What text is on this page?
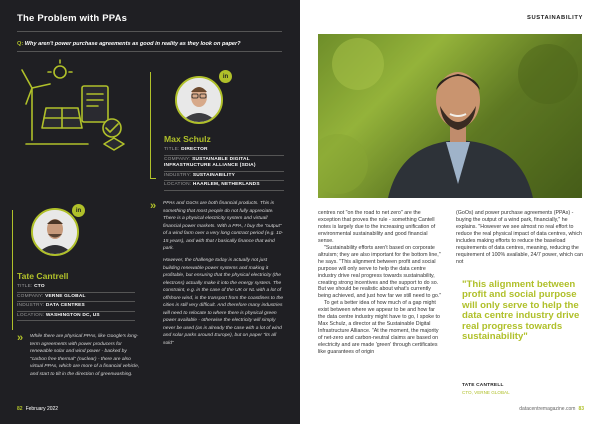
The Problem with PPAs
Q: Why aren't power purchase agreements as good in reality as they look on paper?
in
Max Schulz
TITLE: DIRECTOR
COMPANY: SUSTAINABLE DIGITAL INFRASTRUCTURE ALLIANCE (SDIA)
INDUSTRY: SUSTAINABILITY
LOCATION: HAARLEM, NETHERLANDS
» PPAs and GoOs are both financial products. This is something that most people do not fully appreciate. There is a physical electricity system and virtual/ financial power markets. With a PPA, I buy the "output" of a wind farm over a very long contract period (e.g. 10-15 years), and with that I basically finance that wind park.

However, the challenge today is actually not just building renewable power systems and making it profitable, but ensuring that the physical electricity (the electrons) actually make it into the energy system. The constraint, e.g. in the case of the UK or NL with a lot of offshore wind, is the transport from the coastlines to the cities is still very difficult. And therefore many industries will need to relocate to where there is physical green power available - otherwise the electricity will simply never be used (as is already the case with a lot of wind and solar parks around Europe), but on paper "its all sold"

in
Tate Cantrell
TITLE: CTO
COMPANY: VERNE GLOBAL
INDUSTRY: DATA CENTRES
LOCATION: WASHINGTON DC, US
» While there are physical PPAs, like Google's long-term agreements with power producers for renewable solar and wind power - backed by "carbon free thermal" (nuclear) - there are also virtual PPAs, which are more of a financial vehicle, and start to tilt in the direction of greenwashing.
82 February 2022
SUSTAINABILITY

centres not "on the road to net zero" are the exception that proves the rule - something Cantell notes is largely due to the increasing unification of environmental sustainability and good financial sense.

"Sustainability efforts aren't based on corporate altruism; they are also important for the bottom line," he says. "This alignment between profit and social purpose will only serve to help the data centre industry drive real progress towards sustainability, creating strong incentives and the support to do so. But we should be realistic about what's currently being achieved, and just how far we still need to go."

To get a better idea of how much of a gap might exist between where we appear to be and how far the data centre industry might have to go, I spoke to Max Schulz, a director at the Sustainable Digital Infrastructure Alliance. "At the moment, the majority of net-zero and carbon-neutral claims are based on electricity and are made 'green' through certificates like guarantees of origin

(GoOs) and power purchase agreements (PPAs) - buying the output of a wind park, financially," he explains. "However we see almost no real effort to reduce the real physical impact of data centres, which includes making efforts to reduce the baseload requirements of data centres, meaning, reducing the requirement of 100% available, 24/7 power, which can not

"This alignment between profit and social purpose will only serve to help the data centre industry drive real progress towards sustainability"
TATE CANTRELL
CTO, VERNE GLOBAL
datacentremagazine.com 83
